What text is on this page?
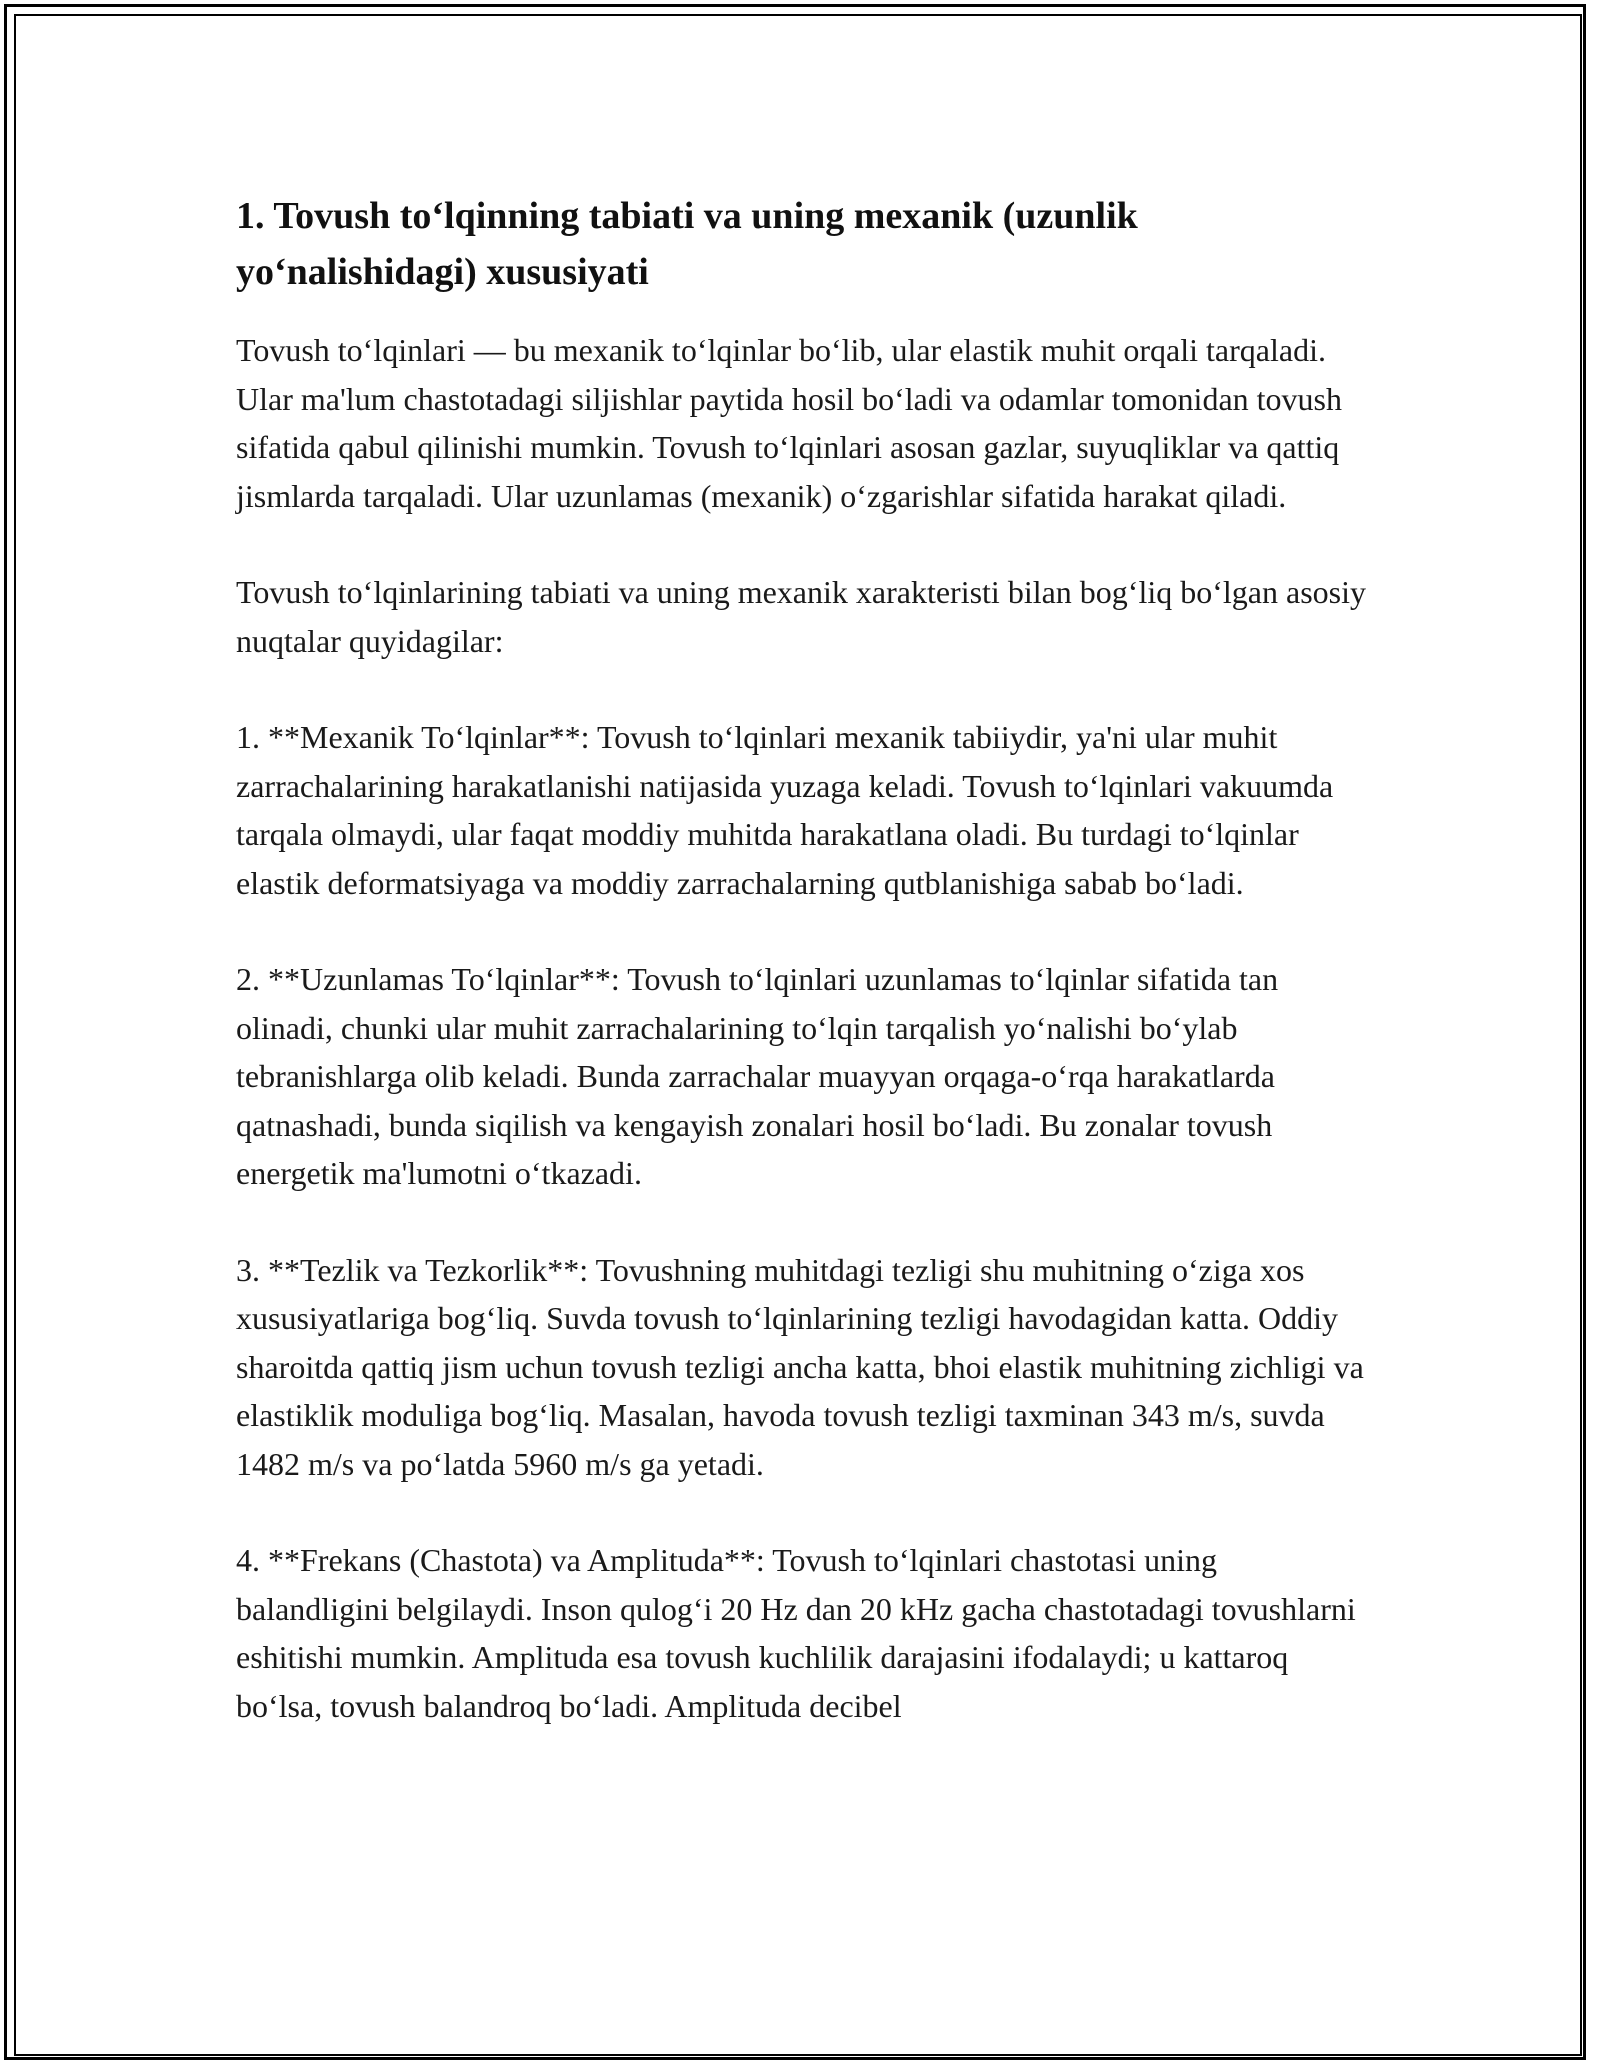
1. Tovush to‘lqinning tabiati va uning mexanik (uzunlik yo‘nalishidagi) xususiyati

Tovush to‘lqinlari — bu mexanik to‘lqinlar bo‘lib, ular elastik muhit orqali tarqaladi. Ular ma'lum chastotadagi siljishlar paytida hosil bo‘ladi va odamlar tomonidan tovush sifatida qabul qilinishi mumkin. Tovush to‘lqinlari asosan gazlar, suyuqliklar va qattiq jismlarda tarqaladi. Ular uzunlamas (mexanik) o‘zgarishlar sifatida harakat qiladi.

Tovush to‘lqinlarining tabiati va uning mexanik xarakteristi bilan bog‘liq bo‘lgan asosiy nuqtalar quyidagilar:

1. **Mexanik To‘lqinlar**: Tovush to‘lqinlari mexanik tabiiydir, ya'ni ular muhit zarrachalarining harakatlanishi natijasida yuzaga keladi. Tovush to‘lqinlari vakuumda tarqala olmaydi, ular faqat moddiy muhitda harakatlana oladi. Bu turdagi to‘lqinlar elastik deformatsiyaga va moddiy zarrachalarning qutblanishiga sabab bo‘ladi.

2. **Uzunlamas To‘lqinlar**: Tovush to‘lqinlari uzunlamas to‘lqinlar sifatida tan olinadi, chunki ular muhit zarrachalarining to‘lqin tarqalish yo‘nalishi bo‘ylab tebranishlarga olib keladi. Bunda zarrachalar muayyan orqaga-o‘rqa harakatlarda qatnashadi, bunda siqilish va kengayish zonalari hosil bo‘ladi. Bu zonalar tovush energetik ma'lumotni o‘tkazadi.

3. **Tezlik va Tezkorlik**: Tovushning muhitdagi tezligi shu muhitning o‘ziga xos xususiyatlariga bog‘liq. Suvda tovush to‘lqinlarining tezligi havodagidan katta. Oddiy sharoitda qattiq jism uchun tovush tezligi ancha katta, bhoi elastik muhitning zichligi va elastiklik moduliga bog‘liq. Masalan, havoda tovush tezligi taxminan 343 m/s, suvda 1482 m/s va po‘latda 5960 m/s ga yetadi.

4. **Frekans (Chastota) va Amplituda**: Tovush to‘lqinlari chastotasi uning balandligini belgilaydi. Inson qulog‘i 20 Hz dan 20 kHz gacha chastotadagi tovushlarni eshitishi mumkin. Amplituda esa tovush kuchlilik darajasini ifodalaydi; u kattaroq bo‘lsa, tovush balandroq bo‘ladi. Amplituda decibel
